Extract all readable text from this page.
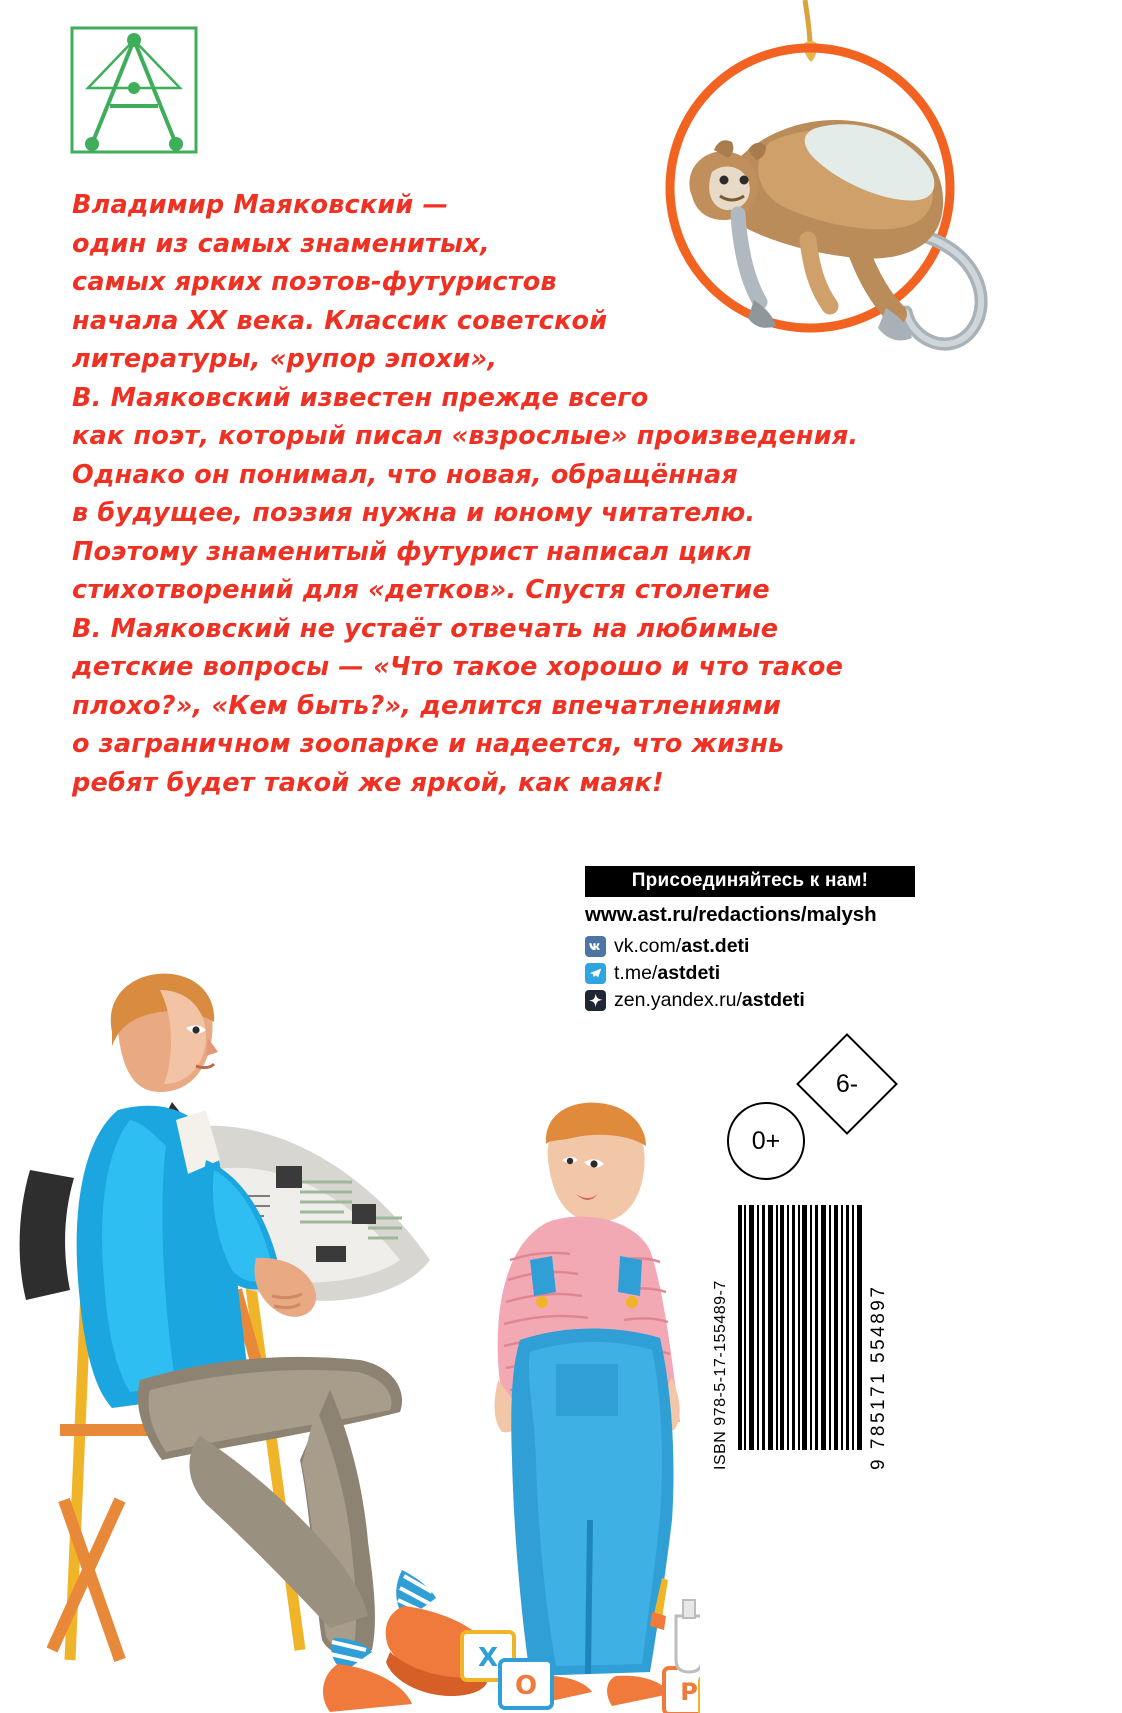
Владимир Маяковский —
один из самых знаменитых,
самых ярких поэтов-футуристов
начала XX века. Классик советской
литературы, «рупор эпохи»,
В. Маяковский известен прежде всего
как поэт, который писал «взрослые» произведения.
Однако он понимал, что новая, обращённая
в будущее, поэзия нужна и юному читателю.
Поэтому знаменитый футурист написал цикл
стихотворений для «детков». Спустя столетие
В. Маяковский не устаёт отвечать на любимые
детские вопросы — «Что такое хорошо и что такое
плохо?», «Кем быть?», делится впечатлениями
о заграничном зоопарке и надеется, что жизнь
ребят будет такой же яркой, как маяк!
Присоединяйтесь к нам!
www.ast.ru/redactions/malysh
vk.com/ast.deti
t.me/astdeti
zen.yandex.ru/astdeti
6-
0+
ISBN 978-5-17-155489-7	9 785171 554897
Х
О	Р
